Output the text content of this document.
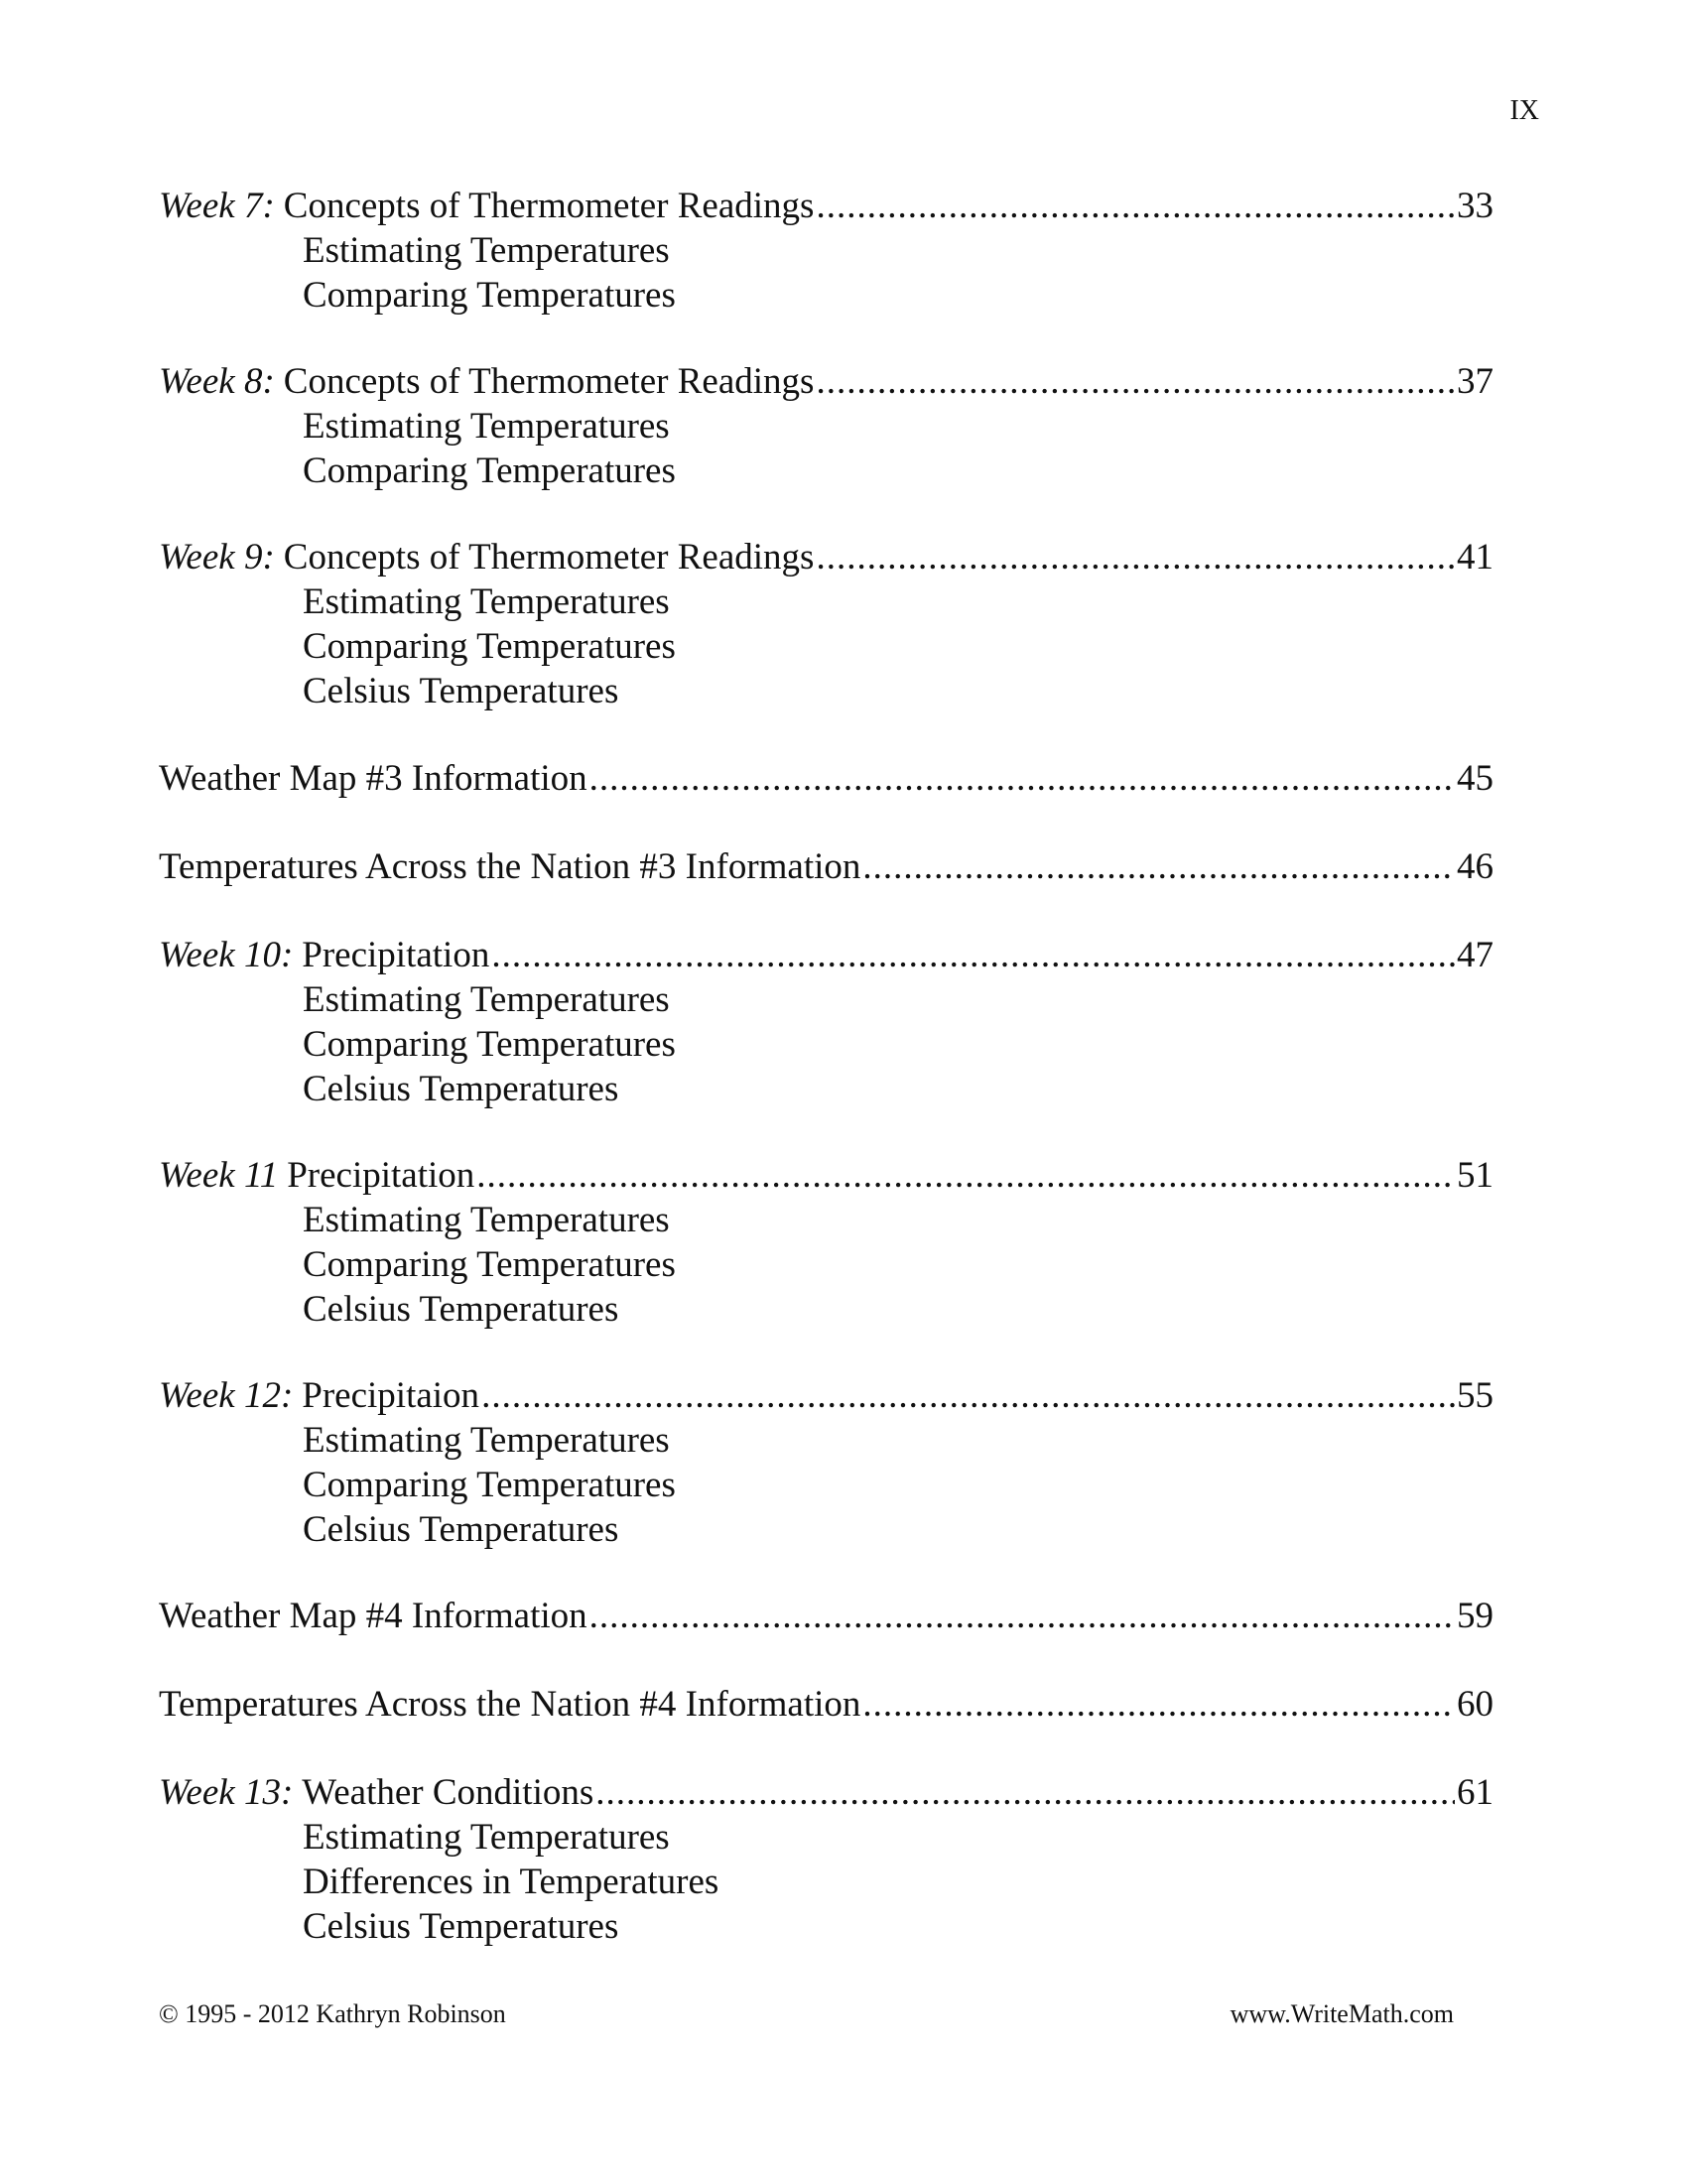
IX
Week 7: Concepts of Thermometer Readings .....	33
Estimating Temperatures
Comparing Temperatures
Week 8: Concepts of Thermometer Readings .....	37
Estimating Temperatures
Comparing Temperatures
Week 9: Concepts of Thermometer Readings .....	41
Estimating Temperatures
Comparing Temperatures
Celsius Temperatures
Weather Map #3 Information .....	45
Temperatures Across the Nation #3 Information .....	46
Week 10: Precipitation .....	47
Estimating Temperatures
Comparing Temperatures
Celsius Temperatures
Week 11 Precipitation .....	51
Estimating Temperatures
Comparing Temperatures
Celsius Temperatures
Week 12: Precipitaion .....	55
Estimating Temperatures
Comparing Temperatures
Celsius Temperatures
Weather Map #4 Information .....	59
Temperatures Across the Nation #4 Information .....	60
Week 13: Weather Conditions .....	61
Estimating Temperatures
Differences in Temperatures
Celsius Temperatures
© 1995 - 2012 Kathryn Robinson	www.WriteMath.com
